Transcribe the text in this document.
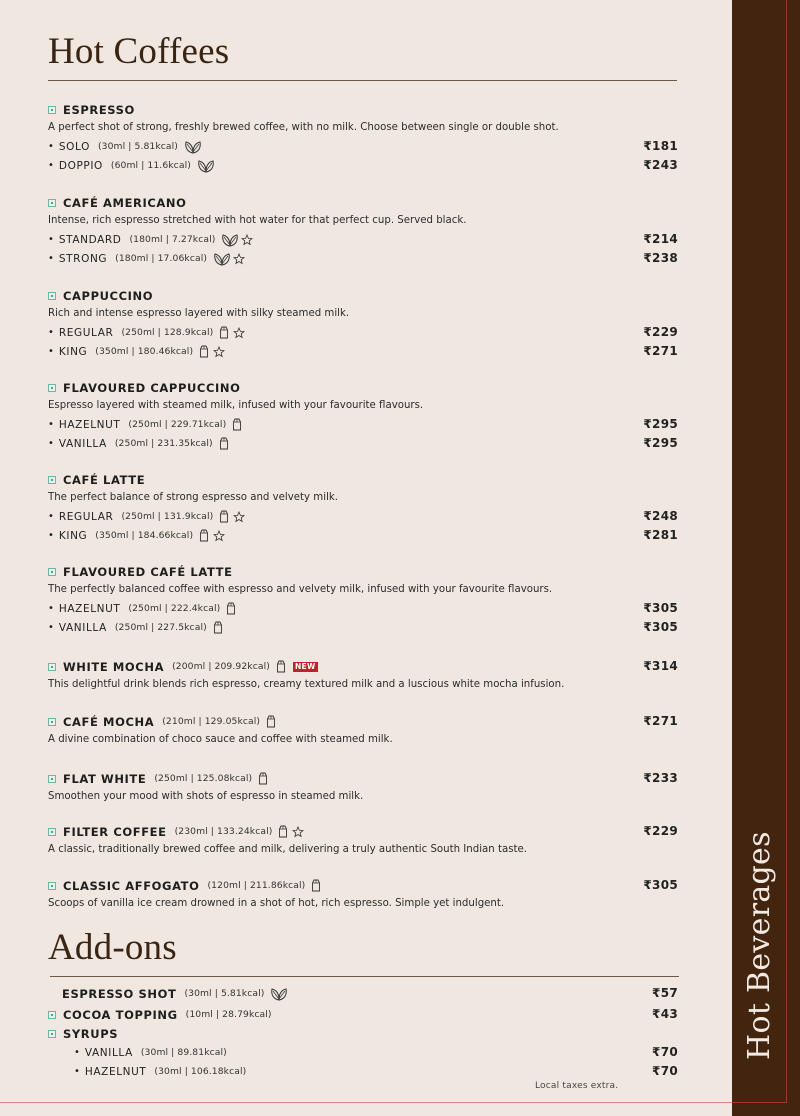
Hot Beverages
Hot Coffees
ESPRESSO
A perfect shot of strong, freshly brewed coffee, with no milk. Choose between single or double shot.
• SOLO (30ml | 5.81kcal)	₹181
• DOPPIO (60ml | 11.6kcal)	₹243
CAFÉ AMERICANO
Intense, rich espresso stretched with hot water for that perfect cup. Served black.
• STANDARD (180ml | 7.27kcal)	₹214
• STRONG (180ml | 17.06kcal)	₹238
CAPPUCCINO
Rich and intense espresso layered with silky steamed milk.
• REGULAR (250ml | 128.9kcal)	₹229
• KING (350ml | 180.46kcal)	₹271
FLAVOURED CAPPUCCINO
Espresso layered with steamed milk, infused with your favourite flavours.
• HAZELNUT (250ml | 229.71kcal)	₹295
• VANILLA (250ml | 231.35kcal)	₹295
CAFÉ LATTE
The perfect balance of strong espresso and velvety milk.
• REGULAR (250ml | 131.9kcal)	₹248
• KING (350ml | 184.66kcal)	₹281
FLAVOURED CAFÉ LATTE
The perfectly balanced coffee with espresso and velvety milk, infused with your favourite flavours.
• HAZELNUT (250ml | 222.4kcal)	₹305
• VANILLA (250ml | 227.5kcal)	₹305
WHITE MOCHA (200ml | 209.92kcal)	NEW	₹314
This delightful drink blends rich espresso, creamy textured milk and a luscious white mocha infusion.
CAFÉ MOCHA (210ml | 129.05kcal)	₹271
A divine combination of choco sauce and coffee with steamed milk.
FLAT WHITE (250ml | 125.08kcal)	₹233
Smoothen your mood with shots of espresso in steamed milk.
FILTER COFFEE (230ml | 133.24kcal)	₹229
A classic, traditionally brewed coffee and milk, delivering a truly authentic South Indian taste.
CLASSIC AFFOGATO (120ml | 211.86kcal)	₹305
Scoops of vanilla ice cream drowned in a shot of hot, rich espresso. Simple yet indulgent.
Add-ons
ESPRESSO SHOT (30ml | 5.81kcal)	₹57
COCOA TOPPING (10ml | 28.79kcal)	₹43
SYRUPS
• VANILLA (30ml | 89.81kcal)	₹70
• HAZELNUT (30ml | 106.18kcal)	₹70
Local taxes extra.
